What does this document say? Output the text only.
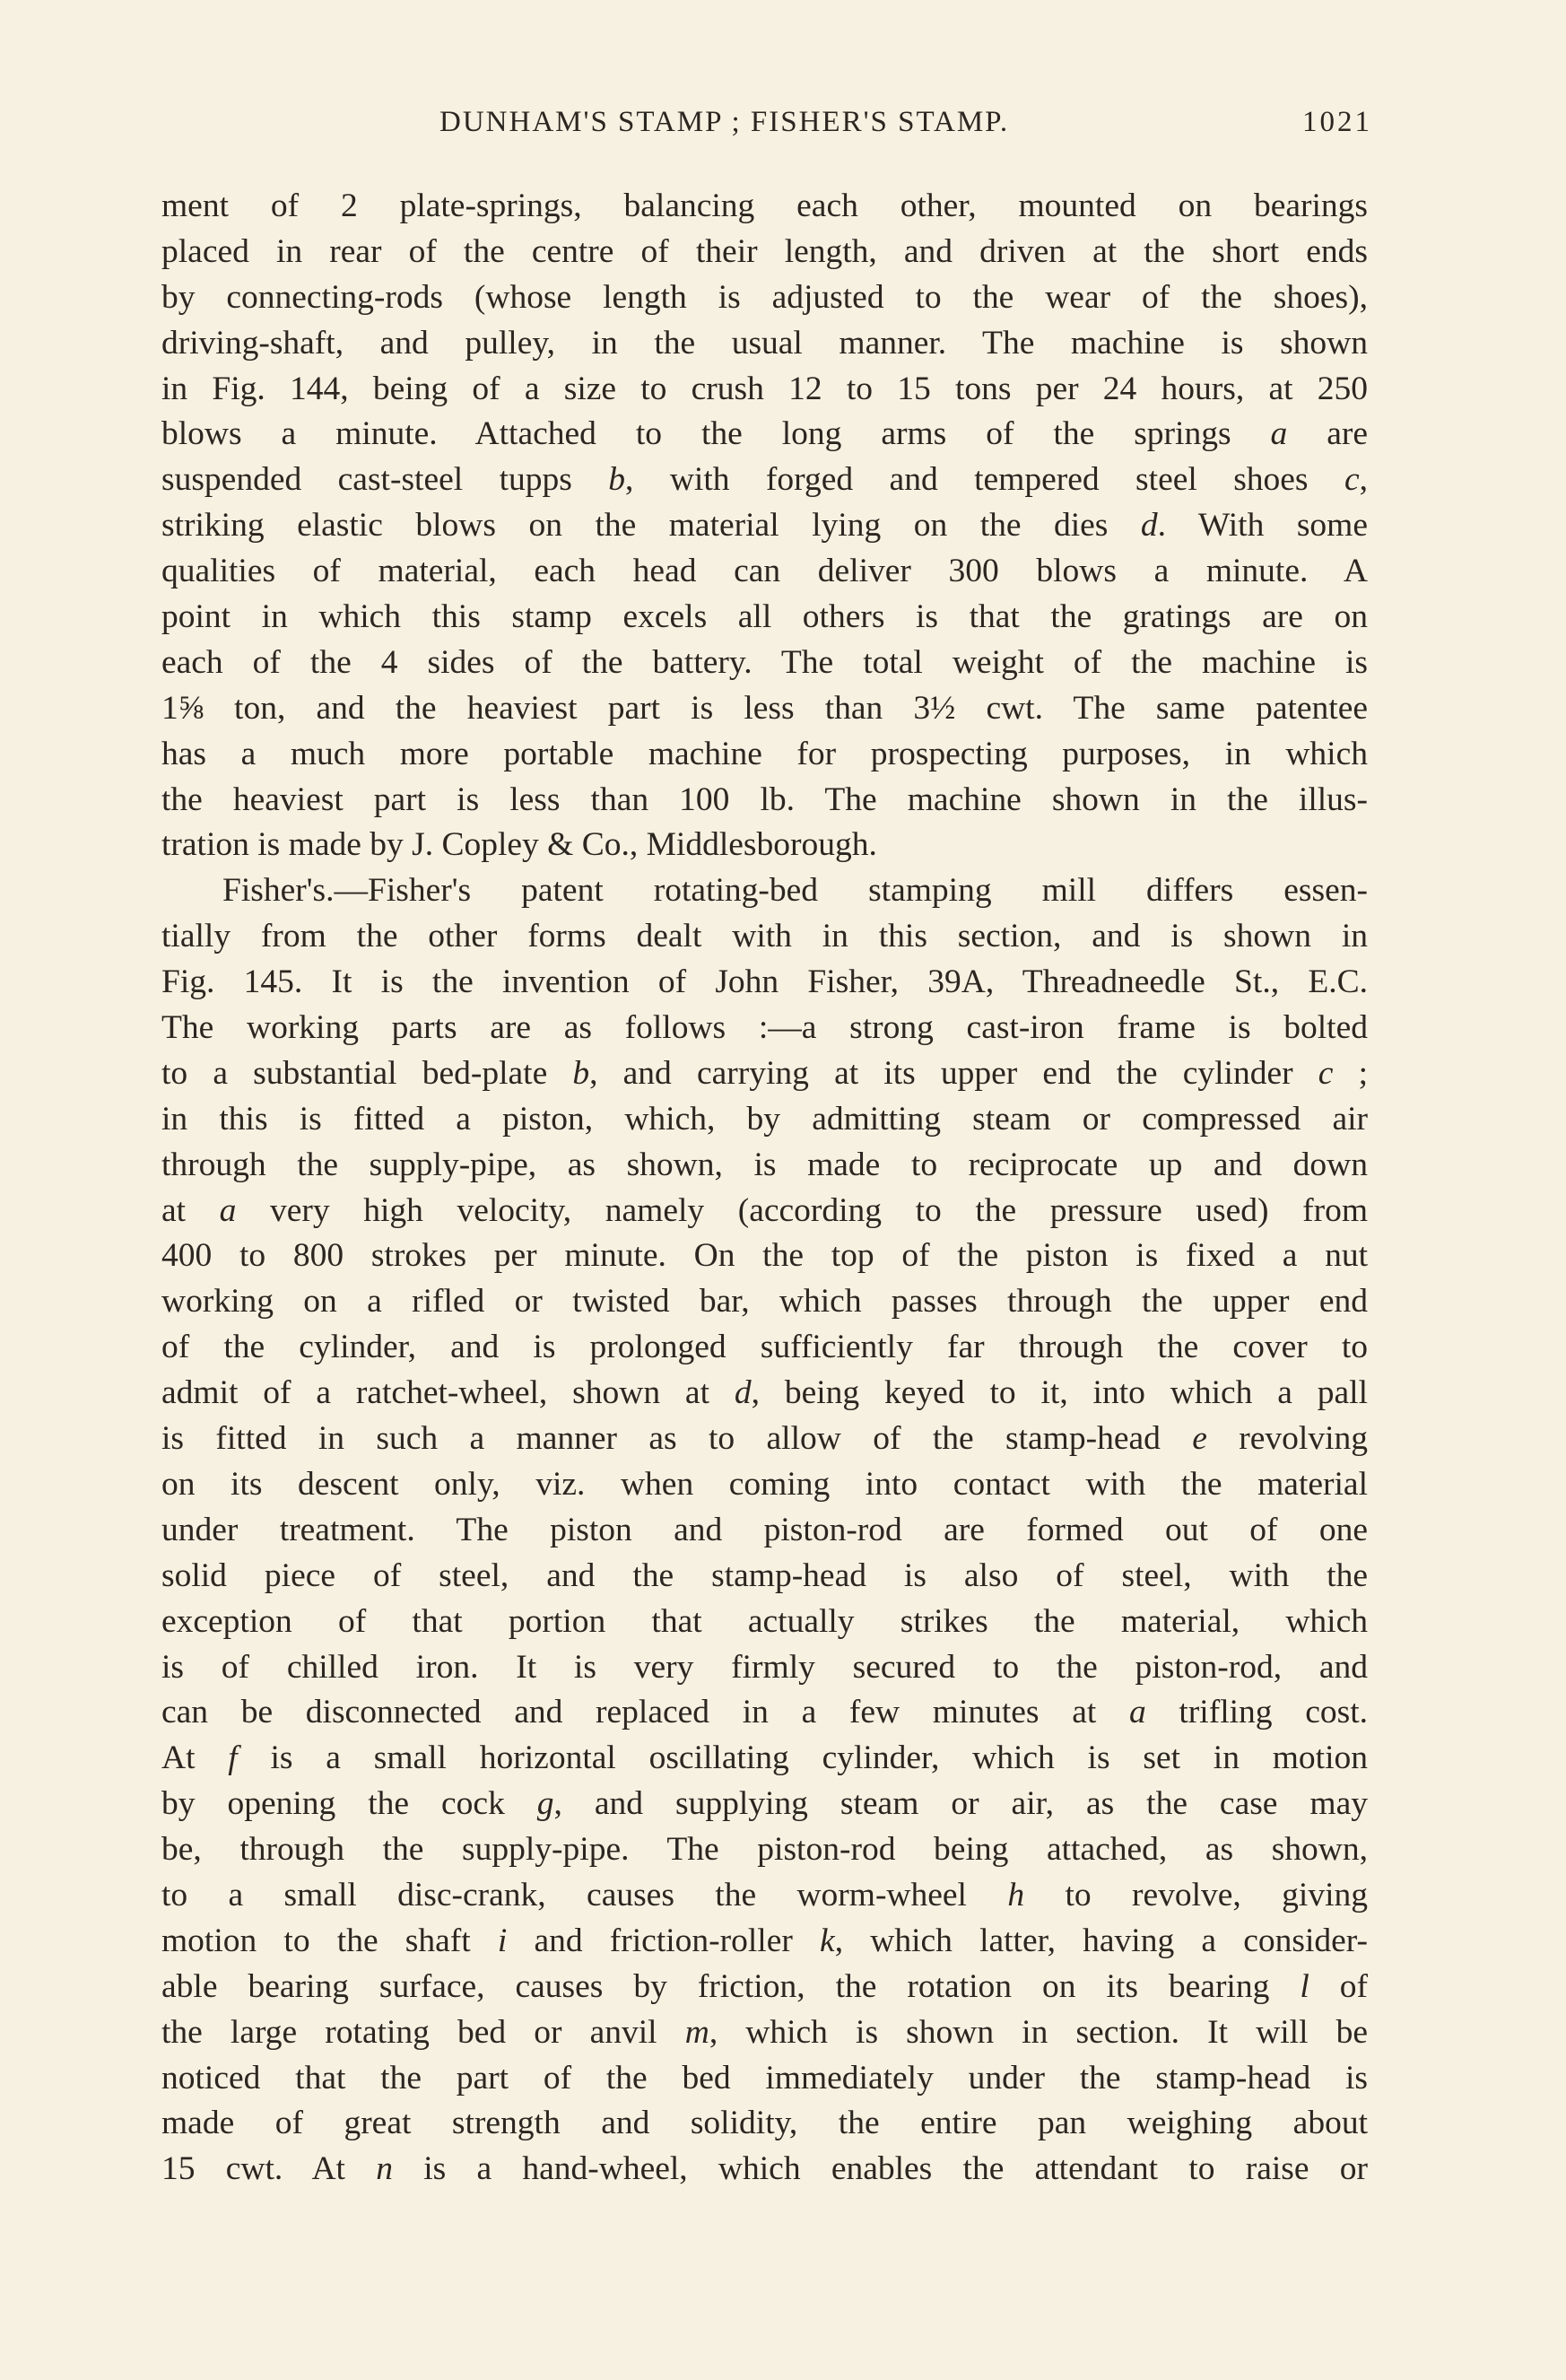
DUNHAM'S STAMP ; FISHER'S STAMP.	1021
ment of 2 plate-springs, balancing each other, mounted on bearings
placed in rear of the centre of their length, and driven at the short ends
by connecting-rods (whose length is adjusted to the wear of the shoes),
driving-shaft, and pulley, in the usual manner. The machine is shown
in Fig. 144, being of a size to crush 12 to 15 tons per 24 hours, at 250
blows a minute. Attached to the long arms of the springs a are
suspended cast-steel tupps b, with forged and tempered steel shoes c,
striking elastic blows on the material lying on the dies d. With some
qualities of material, each head can deliver 300 blows a minute. A
point in which this stamp excels all others is that the gratings are on
each of the 4 sides of the battery. The total weight of the machine is
1⅝ ton, and the heaviest part is less than 3½ cwt. The same patentee
has a much more portable machine for prospecting purposes, in which
the heaviest part is less than 100 lb. The machine shown in the illus-
tration is made by J. Copley & Co., Middlesborough.
Fisher's.—Fisher's patent rotating-bed stamping mill differs essen-
tially from the other forms dealt with in this section, and is shown in
Fig. 145. It is the invention of John Fisher, 39A, Threadneedle St., E.C.
The working parts are as follows :—a strong cast-iron frame is bolted
to a substantial bed-plate b, and carrying at its upper end the cylinder c ;
in this is fitted a piston, which, by admitting steam or compressed air
through the supply-pipe, as shown, is made to reciprocate up and down
at a very high velocity, namely (according to the pressure used) from
400 to 800 strokes per minute. On the top of the piston is fixed a nut
working on a rifled or twisted bar, which passes through the upper end
of the cylinder, and is prolonged sufficiently far through the cover to
admit of a ratchet-wheel, shown at d, being keyed to it, into which a pall
is fitted in such a manner as to allow of the stamp-head e revolving
on its descent only, viz. when coming into contact with the material
under treatment. The piston and piston-rod are formed out of one
solid piece of steel, and the stamp-head is also of steel, with the
exception of that portion that actually strikes the material, which
is of chilled iron. It is very firmly secured to the piston-rod, and
can be disconnected and replaced in a few minutes at a trifling cost.
At f is a small horizontal oscillating cylinder, which is set in motion
by opening the cock g, and supplying steam or air, as the case may
be, through the supply-pipe. The piston-rod being attached, as shown,
to a small disc-crank, causes the worm-wheel h to revolve, giving
motion to the shaft i and friction-roller k, which latter, having a consider-
able bearing surface, causes by friction, the rotation on its bearing l of
the large rotating bed or anvil m, which is shown in section. It will be
noticed that the part of the bed immediately under the stamp-head is
made of great strength and solidity, the entire pan weighing about
15 cwt. At n is a hand-wheel, which enables the attendant to raise or
